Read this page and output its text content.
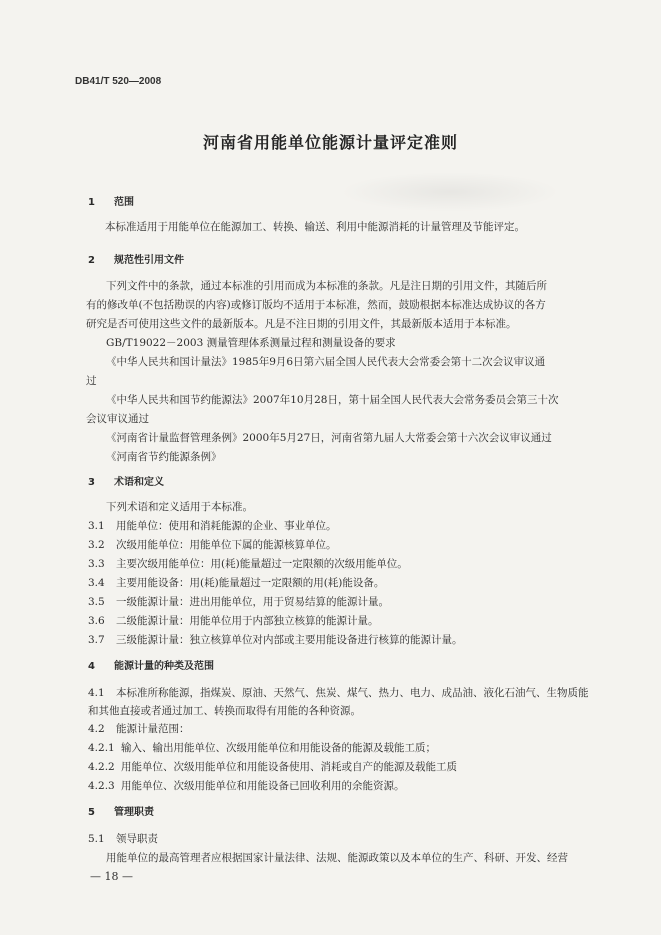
DB41/T 520—2008
河南省用能单位能源计量评定准则
1 范围
本标准适用于用能单位在能源加工、转换、输送、利用中能源消耗的计量管理及节能评定。
2 规范性引用文件
下列文件中的条款，通过本标准的引用而成为本标准的条款。凡是注日期的引用文件，其随后所
有的修改单(不包括勘误的内容)或修订版均不适用于本标准，然而，鼓励根据本标准达成协议的各方
研究是否可使用这些文件的最新版本。凡是不注日期的引用文件，其最新版本适用于本标准。
GB/T19022－2003 测量管理体系测量过程和测量设备的要求
《中华人民共和国计量法》1985年9月6日第六届全国人民代表大会常委会第十二次会议审议通
过
《中华人民共和国节约能源法》2007年10月28日，第十届全国人民代表大会常务委员会第三十次
会议审议通过
《河南省计量监督管理条例》2000年5月27日，河南省第九届人大常委会第十六次会议审议通过
《河南省节约能源条例》
3 术语和定义
下列术语和定义适用于本标准。
3.1 用能单位：使用和消耗能源的企业、事业单位。
3.2 次级用能单位：用能单位下属的能源核算单位。
3.3 主要次级用能单位：用(耗)能量超过一定限额的次级用能单位。
3.4 主要用能设备：用(耗)能量超过一定限额的用(耗)能设备。
3.5 一级能源计量：进出用能单位，用于贸易结算的能源计量。
3.6 二级能源计量：用能单位用于内部独立核算的能源计量。
3.7 三级能源计量：独立核算单位对内部或主要用能设备进行核算的能源计量。
4 能源计量的种类及范围
4.1 本标准所称能源，指煤炭、原油、天然气、焦炭、煤气、热力、电力、成品油、液化石油气、生物质能
和其他直接或者通过加工、转换而取得有用能的各种资源。
4.2 能源计量范围：
4.2.1 输入、输出用能单位、次级用能单位和用能设备的能源及载能工质；
4.2.2 用能单位、次级用能单位和用能设备使用、消耗或自产的能源及载能工质
4.2.3 用能单位、次级用能单位和用能设备已回收利用的余能资源。
5 管理职责
5.1 领导职责
用能单位的最高管理者应根据国家计量法律、法规、能源政策以及本单位的生产、科研、开发、经营
— 18 —
